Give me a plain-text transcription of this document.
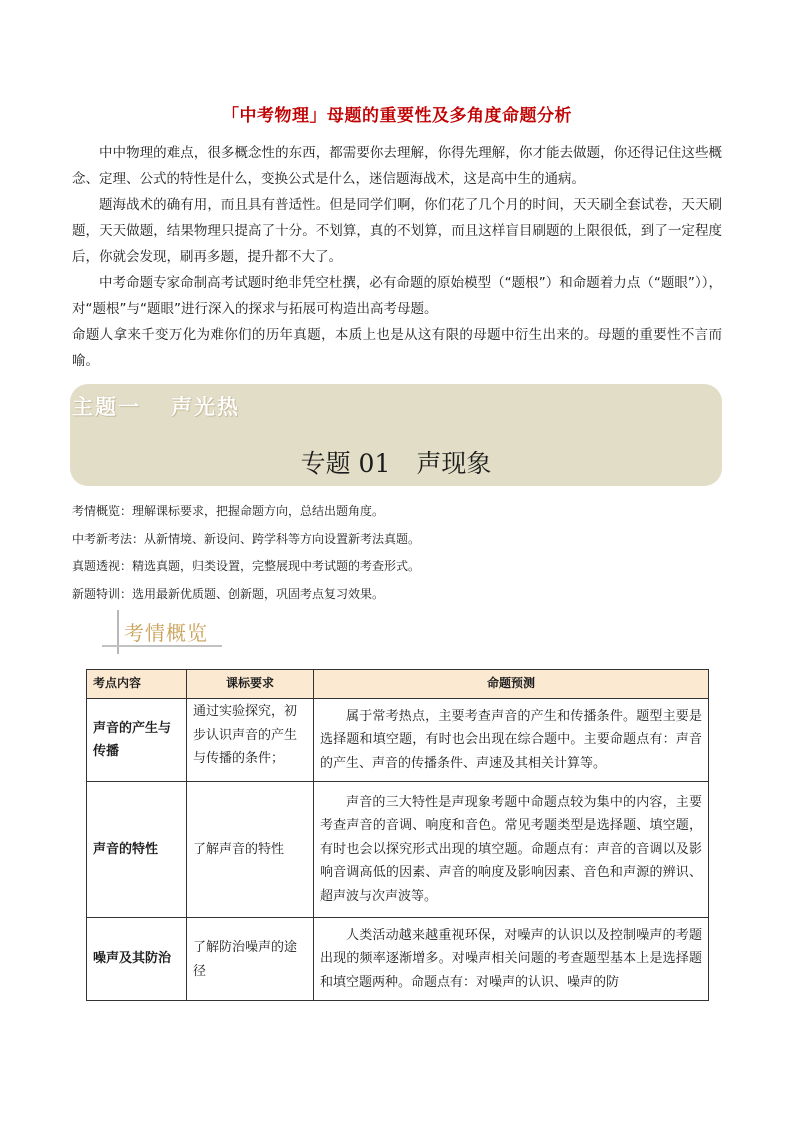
「中考物理」母题的重要性及多角度命题分析

中中物理的难点，很多概念性的东西，都需要你去理解，你得先理解，你才能去做题，你还得记住这些概念、定理、公式的特性是什么，变换公式是什么，迷信题海战术，这是高中生的通病。

题海战术的确有用，而且具有普适性。但是同学们啊，你们花了几个月的时间，天天刷全套试卷，天天刷题，天天做题，结果物理只提高了十分。不划算，真的不划算，而且这样盲目刷题的上限很低，到了一定程度后，你就会发现，刷再多题，提升都不大了。

中考命题专家命制高考试题时绝非凭空杜撰，必有命题的原始模型（“题根”）和命题着力点（“题眼”）），对“题根”与“题眼”进行深入的探求与拓展可构造出高考母题。

命题人拿来千变万化为难你们的历年真题，本质上也是从这有限的母题中衍生出来的。母题的重要性不言而喻。

主题一 声光热
专题 01 声现象
考情概览：理解课标要求，把握命题方向，总结出题角度。
中考新考法：从新情境、新设问、跨学科等方向设置新考法真题。
真题透视：精选真题，归类设置，完整展现中考试题的考查形式。
新题特训：选用最新优质题、创新题，巩固考点复习效果。
考情概览
考点内容	课标要求	命题预测
声音的产生与传播	通过实验探究，初步认识声音的产生与传播的条件；	属于常考热点，主要考查声音的产生和传播条件。题型主要是选择题和填空题，有时也会出现在综合题中。主要命题点有：声音的产生、声音的传播条件、声速及其相关计算等。
声音的特性	了解声音的特性	声音的三大特性是声现象考题中命题点较为集中的内容，主要考查声音的音调、响度和音色。常见考题类型是选择题、填空题，有时也会以探究形式出现的填空题。命题点有：声音的音调以及影响音调高低的因素、声音的响度及影响因素、音色和声源的辨识、超声波与次声波等。
噪声及其防治	了解防治噪声的途径	人类活动越来越重视环保，对噪声的认识以及控制噪声的考题出现的频率逐渐增多。对噪声相关问题的考查题型基本上是选择题和填空题两种。命题点有：对噪声的认识、噪声的防
